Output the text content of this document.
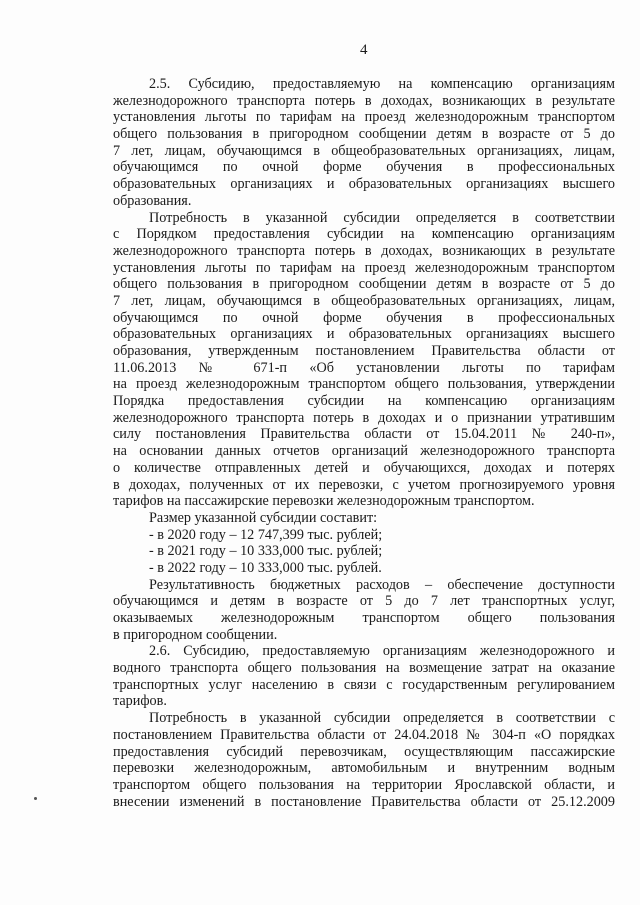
4
2.5. Субсидию, предоставляемую на компенсацию организациям
железнодорожного транспорта потерь в доходах, возникающих в результате
установления льготы по тарифам на проезд железнодорожным транспортом
общего пользования в пригородном сообщении детям в возрасте от 5 до
7 лет, лицам, обучающимся в общеобразовательных организациях, лицам,
обучающимся по очной форме обучения в профессиональных
образовательных организациях и образовательных организациях высшего
образования.
Потребность в указанной субсидии определяется в соответствии
с Порядком предоставления субсидии на компенсацию организациям
железнодорожного транспорта потерь в доходах, возникающих в результате
установления льготы по тарифам на проезд железнодорожным транспортом
общего пользования в пригородном сообщении детям в возрасте от 5 до
7 лет, лицам, обучающимся в общеобразовательных организациях, лицам,
обучающимся по очной форме обучения в профессиональных
образовательных организациях и образовательных организациях высшего
образования, утвержденным постановлением Правительства области от
11.06.2013 № 671-п «Об установлении льготы по тарифам
на проезд железнодорожным транспортом общего пользования, утверждении
Порядка предоставления субсидии на компенсацию организациям
железнодорожного транспорта потерь в доходах и о признании утратившим
силу постановления Правительства области от 15.04.2011 № 240-п»,
на основании данных отчетов организаций железнодорожного транспорта
о количестве отправленных детей и обучающихся, доходах и потерях
в доходах, полученных от их перевозки, с учетом прогнозируемого уровня
тарифов на пассажирские перевозки железнодорожным транспортом.
Размер указанной субсидии составит:
- в 2020 году – 12 747,399 тыс. рублей;
- в 2021 году – 10 333,000 тыс. рублей;
- в 2022 году – 10 333,000 тыс. рублей.
Результативность бюджетных расходов – обеспечение доступности
обучающимся и детям в возрасте от 5 до 7 лет транспортных услуг,
оказываемых железнодорожным транспортом общего пользования
в пригородном сообщении.
2.6. Субсидию, предоставляемую организациям железнодорожного и
водного транспорта общего пользования на возмещение затрат на оказание
транспортных услуг населению в связи с государственным регулированием
тарифов.
Потребность в указанной субсидии определяется в соответствии с
постановлением Правительства области от 24.04.2018 № 304-п «О порядках
предоставления субсидий перевозчикам, осуществляющим пассажирские
перевозки железнодорожным, автомобильным и внутренним водным
транспортом общего пользования на территории Ярославской области, и
внесении изменений в постановление Правительства области от 25.12.2009
